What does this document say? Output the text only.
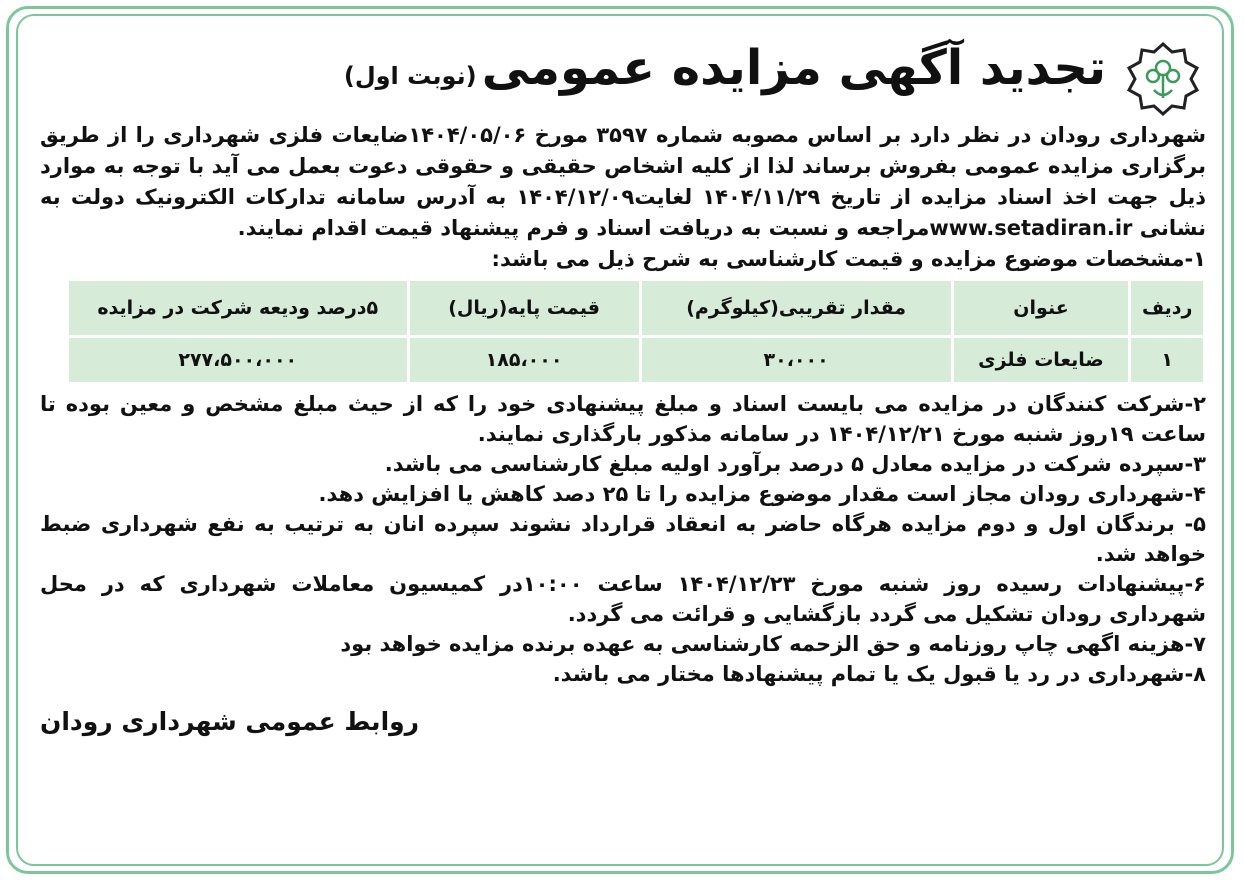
تجدید آگهی مزایده عمومی (نوبت اول)

شهرداری رودان در نظر دارد بر اساس مصوبه شماره ۳۵۹۷ مورخ ۱۴۰۴/۰۵/۰۶ضایعات فلزی شهرداری را از طریق برگزاری مزایده عمومی بفروش برساند لذا از کلیه اشخاص حقیقی و حقوقی دعوت بعمل می آید با توجه به موارد ذیل جهت اخذ اسناد مزایده از تاریخ ۱۴۰۴/۱۱/۲۹ لغایت۱۴۰۴/۱۲/۰۹ به آدرس سامانه تدارکات الکترونیک دولت به نشانی www.setadiran.irمراجعه و نسبت به دریافت اسناد و فرم پیشنهاد قیمت اقدام نمایند.

۱-مشخصات موضوع مزایده و قیمت کارشناسی به شرح ذیل می باشد:

ردیف	عنوان	مقدار تقریبی(کیلوگرم)	قیمت پایه(ریال)	۵درصد ودیعه شرکت در مزایده
۱	ضایعات فلزی	۳۰،۰۰۰	۱۸۵،۰۰۰	۲۷۷،۵۰۰،۰۰۰

۲-شرکت کنندگان در مزایده می بایست اسناد و مبلغ پیشنهادی خود را که از حیث مبلغ مشخص و معین بوده تا ساعت ۱۹روز شنبه مورخ ۱۴۰۴/۱۲/۲۱ در سامانه مذکور بارگذاری نمایند.

۳-سپرده شرکت در مزایده معادل ۵ درصد برآورد اولیه مبلغ کارشناسی می باشد.

۴-شهرداری رودان مجاز است مقدار موضوع مزایده را تا ۲۵ دصد کاهش یا افزایش دهد.

۵- برندگان اول و دوم مزایده هرگاه حاضر به انعقاد قرارداد نشوند سپرده انان به ترتیب به نفع شهرداری ضبط خواهد شد.

۶-پیشنهادات رسیده روز شنبه مورخ ۱۴۰۴/۱۲/۲۳ ساعت ۱۰:۰۰در کمیسیون معاملات شهرداری که در محل شهرداری رودان تشکیل می گردد بازگشایی و قرائت می گردد.

۷-هزینه اگهی چاپ روزنامه و حق الزحمه کارشناسی به عهده برنده مزایده خواهد بود

۸-شهرداری در رد یا قبول یک یا تمام پیشنهادها مختار می باشد.

روابط عمومی شهرداری رودان
